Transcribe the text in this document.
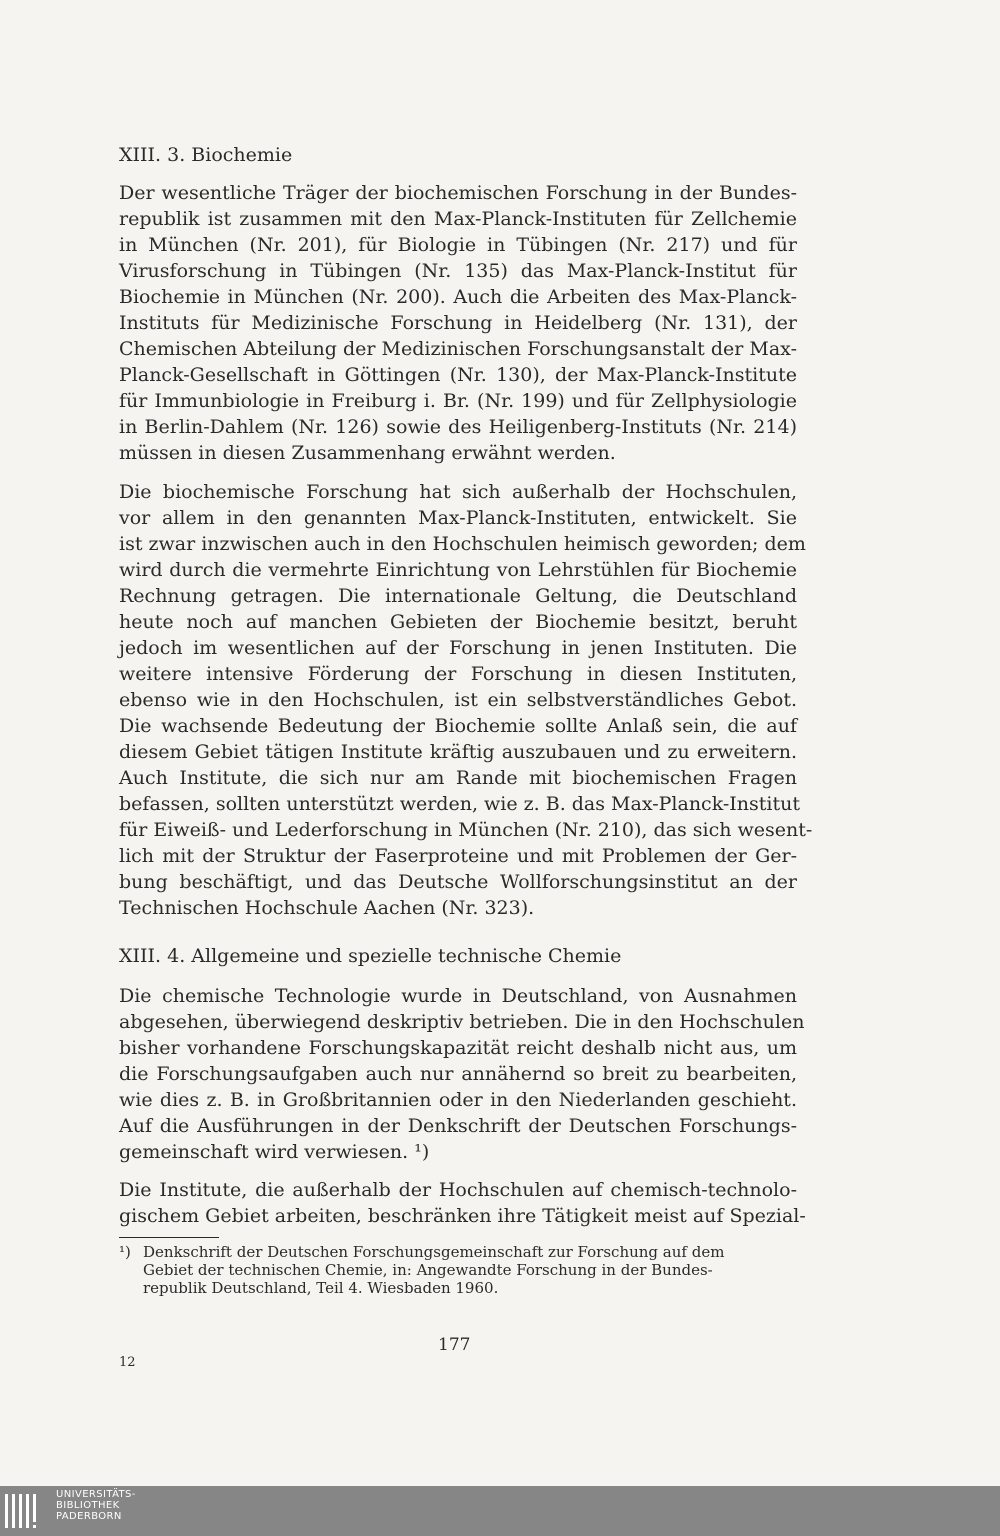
XIII. 3. Biochemie

Der wesentliche Träger der biochemischen Forschung in der Bundes-
republik ist zusammen mit den Max-Planck-Instituten für Zellchemie
in München (Nr. 201), für Biologie in Tübingen (Nr. 217) und für
Virusforschung in Tübingen (Nr. 135) das Max-Planck-Institut für
Biochemie in München (Nr. 200). Auch die Arbeiten des Max-Planck-
Instituts für Medizinische Forschung in Heidelberg (Nr. 131), der
Chemischen Abteilung der Medizinischen Forschungsanstalt der Max-
Planck-Gesellschaft in Göttingen (Nr. 130), der Max-Planck-Institute
für Immunbiologie in Freiburg i. Br. (Nr. 199) und für Zellphysiologie
in Berlin-Dahlem (Nr. 126) sowie des Heiligenberg-Instituts (Nr. 214)
müssen in diesen Zusammenhang erwähnt werden.

Die biochemische Forschung hat sich außerhalb der Hochschulen,
vor allem in den genannten Max-Planck-Instituten, entwickelt. Sie
ist zwar inzwischen auch in den Hochschulen heimisch geworden; dem
wird durch die vermehrte Einrichtung von Lehrstühlen für Biochemie
Rechnung getragen. Die internationale Geltung, die Deutschland
heute noch auf manchen Gebieten der Biochemie besitzt, beruht
jedoch im wesentlichen auf der Forschung in jenen Instituten. Die
weitere intensive Förderung der Forschung in diesen Instituten,
ebenso wie in den Hochschulen, ist ein selbstverständliches Gebot.
Die wachsende Bedeutung der Biochemie sollte Anlaß sein, die auf
diesem Gebiet tätigen Institute kräftig auszubauen und zu erweitern.
Auch Institute, die sich nur am Rande mit biochemischen Fragen
befassen, sollten unterstützt werden, wie z. B. das Max-Planck-Institut
für Eiweiß- und Lederforschung in München (Nr. 210), das sich wesent-
lich mit der Struktur der Faserproteine und mit Problemen der Ger-
bung beschäftigt, und das Deutsche Wollforschungsinstitut an der
Technischen Hochschule Aachen (Nr. 323).

XIII. 4. Allgemeine und spezielle technische Chemie

Die chemische Technologie wurde in Deutschland, von Ausnahmen
abgesehen, überwiegend deskriptiv betrieben. Die in den Hochschulen
bisher vorhandene Forschungskapazität reicht deshalb nicht aus, um
die Forschungsaufgaben auch nur annähernd so breit zu bearbeiten,
wie dies z. B. in Großbritannien oder in den Niederlanden geschieht.
Auf die Ausführungen in der Denkschrift der Deutschen Forschungs-
gemeinschaft wird verwiesen. ¹)

Die Institute, die außerhalb der Hochschulen auf chemisch-technolo-
gischem Gebiet arbeiten, beschränken ihre Tätigkeit meist auf Spezial-

¹) Denkschrift der Deutschen Forschungsgemeinschaft zur Forschung auf dem
Gebiet der technischen Chemie, in: Angewandte Forschung in der Bundes-
republik Deutschland, Teil 4. Wiesbaden 1960.
177
12
UNIVERSITÄTS-
BIBLIOTHEK
PADERBORN
